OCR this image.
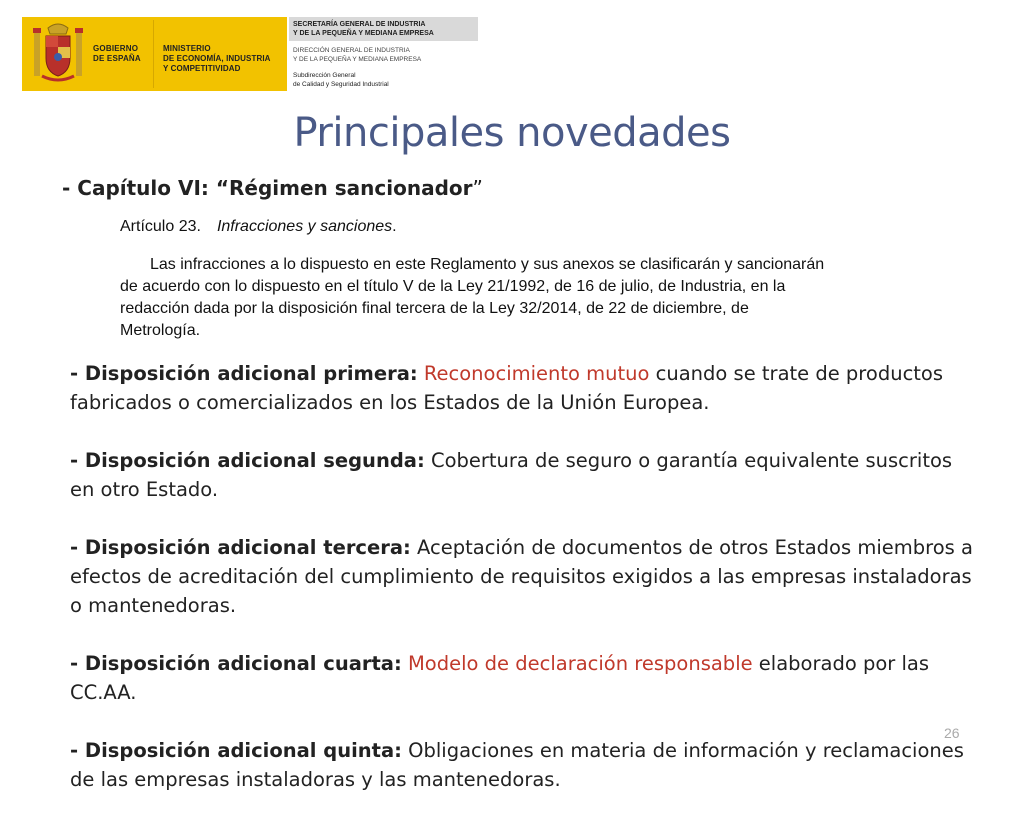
GOBIERNO
DE ESPAÑA
MINISTERIO
DE ECONOMÍA, INDUSTRIA
Y COMPETITIVIDAD
SECRETARÍA GENERAL DE INDUSTRIA
Y DE LA PEQUEÑA Y MEDIANA EMPRESA
DIRECCIÓN GENERAL DE INDUSTRIA
Y DE LA PEQUEÑA Y MEDIANA EMPRESA
Subdirección General
de Calidad y Seguridad Industrial
Principales novedades
- Capítulo VI: “Régimen sancionador”
Artículo 23. Infracciones y sanciones.
Las infracciones a lo dispuesto en este Reglamento y sus anexos se clasificarán y sancionarán de acuerdo con lo dispuesto en el título V de la Ley 21/1992, de 16 de julio, de Industria, en la redacción dada por la disposición final tercera de la Ley 32/2014, de 22 de diciembre, de Metrología.
- Disposición adicional primera: Reconocimiento mutuo cuando se trate de productos fabricados o comercializados en los Estados de la Unión Europea.
- Disposición adicional segunda: Cobertura de seguro o garantía equivalente suscritos en otro Estado.
- Disposición adicional tercera: Aceptación de documentos de otros Estados miembros a efectos de acreditación del cumplimiento de requisitos exigidos a las empresas instaladoras o mantenedoras.
- Disposición adicional cuarta: Modelo de declaración responsable elaborado por las CC.AA.
- Disposición adicional quinta: Obligaciones en materia de información y reclamaciones de las empresas instaladoras y las mantenedoras.
26
